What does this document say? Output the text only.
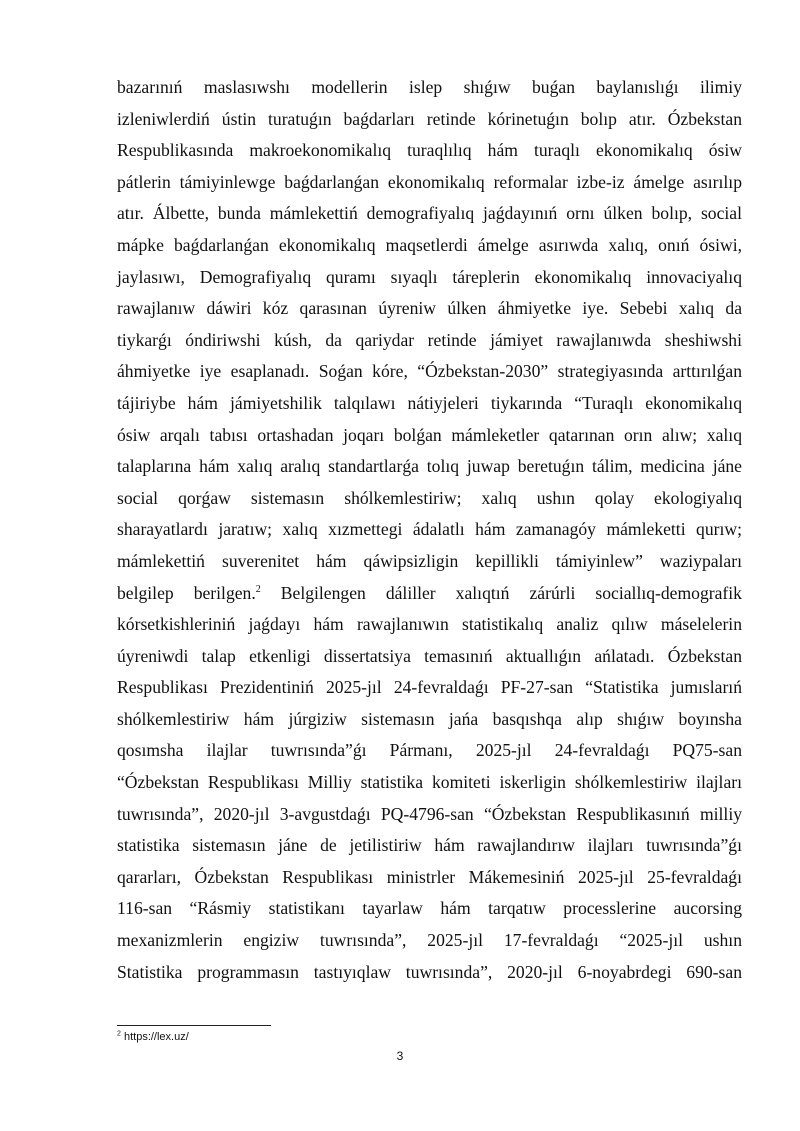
bazarınıń maslasıwshı modellerin islep shıǵıw buǵan baylanıslıǵı ilimiy
izleniwlerdiń ústin turatuǵın baǵdarları retinde kórinetuǵın bolıp atır. Ózbekstan
Respublikasında makroekonomikalıq turaqlılıq hám turaqlı ekonomikalıq ósiw
pátlerin támiyinlewge baǵdarlanǵan ekonomikalıq reformalar izbe-iz ámelge asırılıp
atır. Álbette, bunda mámlekettiń demografiyalıq jaǵdayınıń ornı úlken bolıp, social
mápke baǵdarlanǵan ekonomikalıq maqsetlerdi ámelge asırıwda xalıq, onıń ósiwi,
jaylasıwı, Demografiyalıq quramı sıyaqlı táreplerin ekonomikalıq innovaciyalıq
rawajlanıw dáwiri kóz qarasınan úyreniw úlken áhmiyetke iye. Sebebi xalıq da
tiykarǵı óndiriwshi kúsh, da qariydar retinde jámiyet rawajlanıwda sheshiwshi
áhmiyetke iye esaplanadı. Soǵan kóre, “Ózbekstan-2030” strategiyasında arttırılǵan
tájiriybe hám jámiyetshilik talqılawı nátiyjeleri tiykarında “Turaqlı ekonomikalıq
ósiw arqalı tabısı ortashadan joqarı bolǵan mámleketler qatarınan orın alıw; xalıq
talaplarına hám xalıq aralıq standartlarǵa tolıq juwap beretuǵın tálim, medicina jáne
social qorǵaw sistemasın shólkemlestiriw; xalıq ushın qolay ekologiyalıq
sharayatlardı jaratıw; xalıq xızmettegi ádalatlı hám zamanagóy mámleketti qurıw;
mámlekettiń suverenitet hám qáwipsizligin kepillikli támiyinlew” waziypaları
belgilep berilgen.$^2$ Belgilengen dáliller xalıqtıń zárúrli sociallıq-demografik
kórsetkishleriniń jaǵdayı hám rawajlanıwın statistikalıq analiz qılıw máselelerin
úyreniwdi talap etkenligi dissertatsiya temasınıń aktuallıǵın ańlatadı. Ózbekstan
Respublikası Prezidentiniń 2025-jıl 24-fevraldaǵı PF-27-san “Statistika jumıslarıń
shólkemlestiriw hám júrgiziw sistemasın jańa basqıshqa alıp shıǵıw boyınsha
qosımsha ilajlar tuwrısında”ǵı Pármanı, 2025-jıl 24-fevraldaǵı PQ75-san
“Ózbekstan Respublikası Milliy statistika komiteti iskerligin shólkemlestiriw ilajları
tuwrısında”, 2020-jıl 3-avgustdaǵı PQ-4796-san “Ózbekstan Respublikasınıń milliy
statistika sistemasın jáne de jetilistiriw hám rawajlandırıw ilajları tuwrısında”ǵı
qararları, Ózbekstan Respublikası ministrler Mákemesiniń 2025-jıl 25-fevraldaǵı
116-san “Rásmiy statistikanı tayarlaw hám tarqatıw processlerine aucorsing
mexanizmlerin engiziw tuwrısında”, 2025-jıl 17-fevraldaǵı “2025-jıl ushın
Statistika programmasın tastıyıqlaw tuwrısında”, 2020-jıl 6-noyabrdegi 690-san
$^2$ https://lex.uz/
3
